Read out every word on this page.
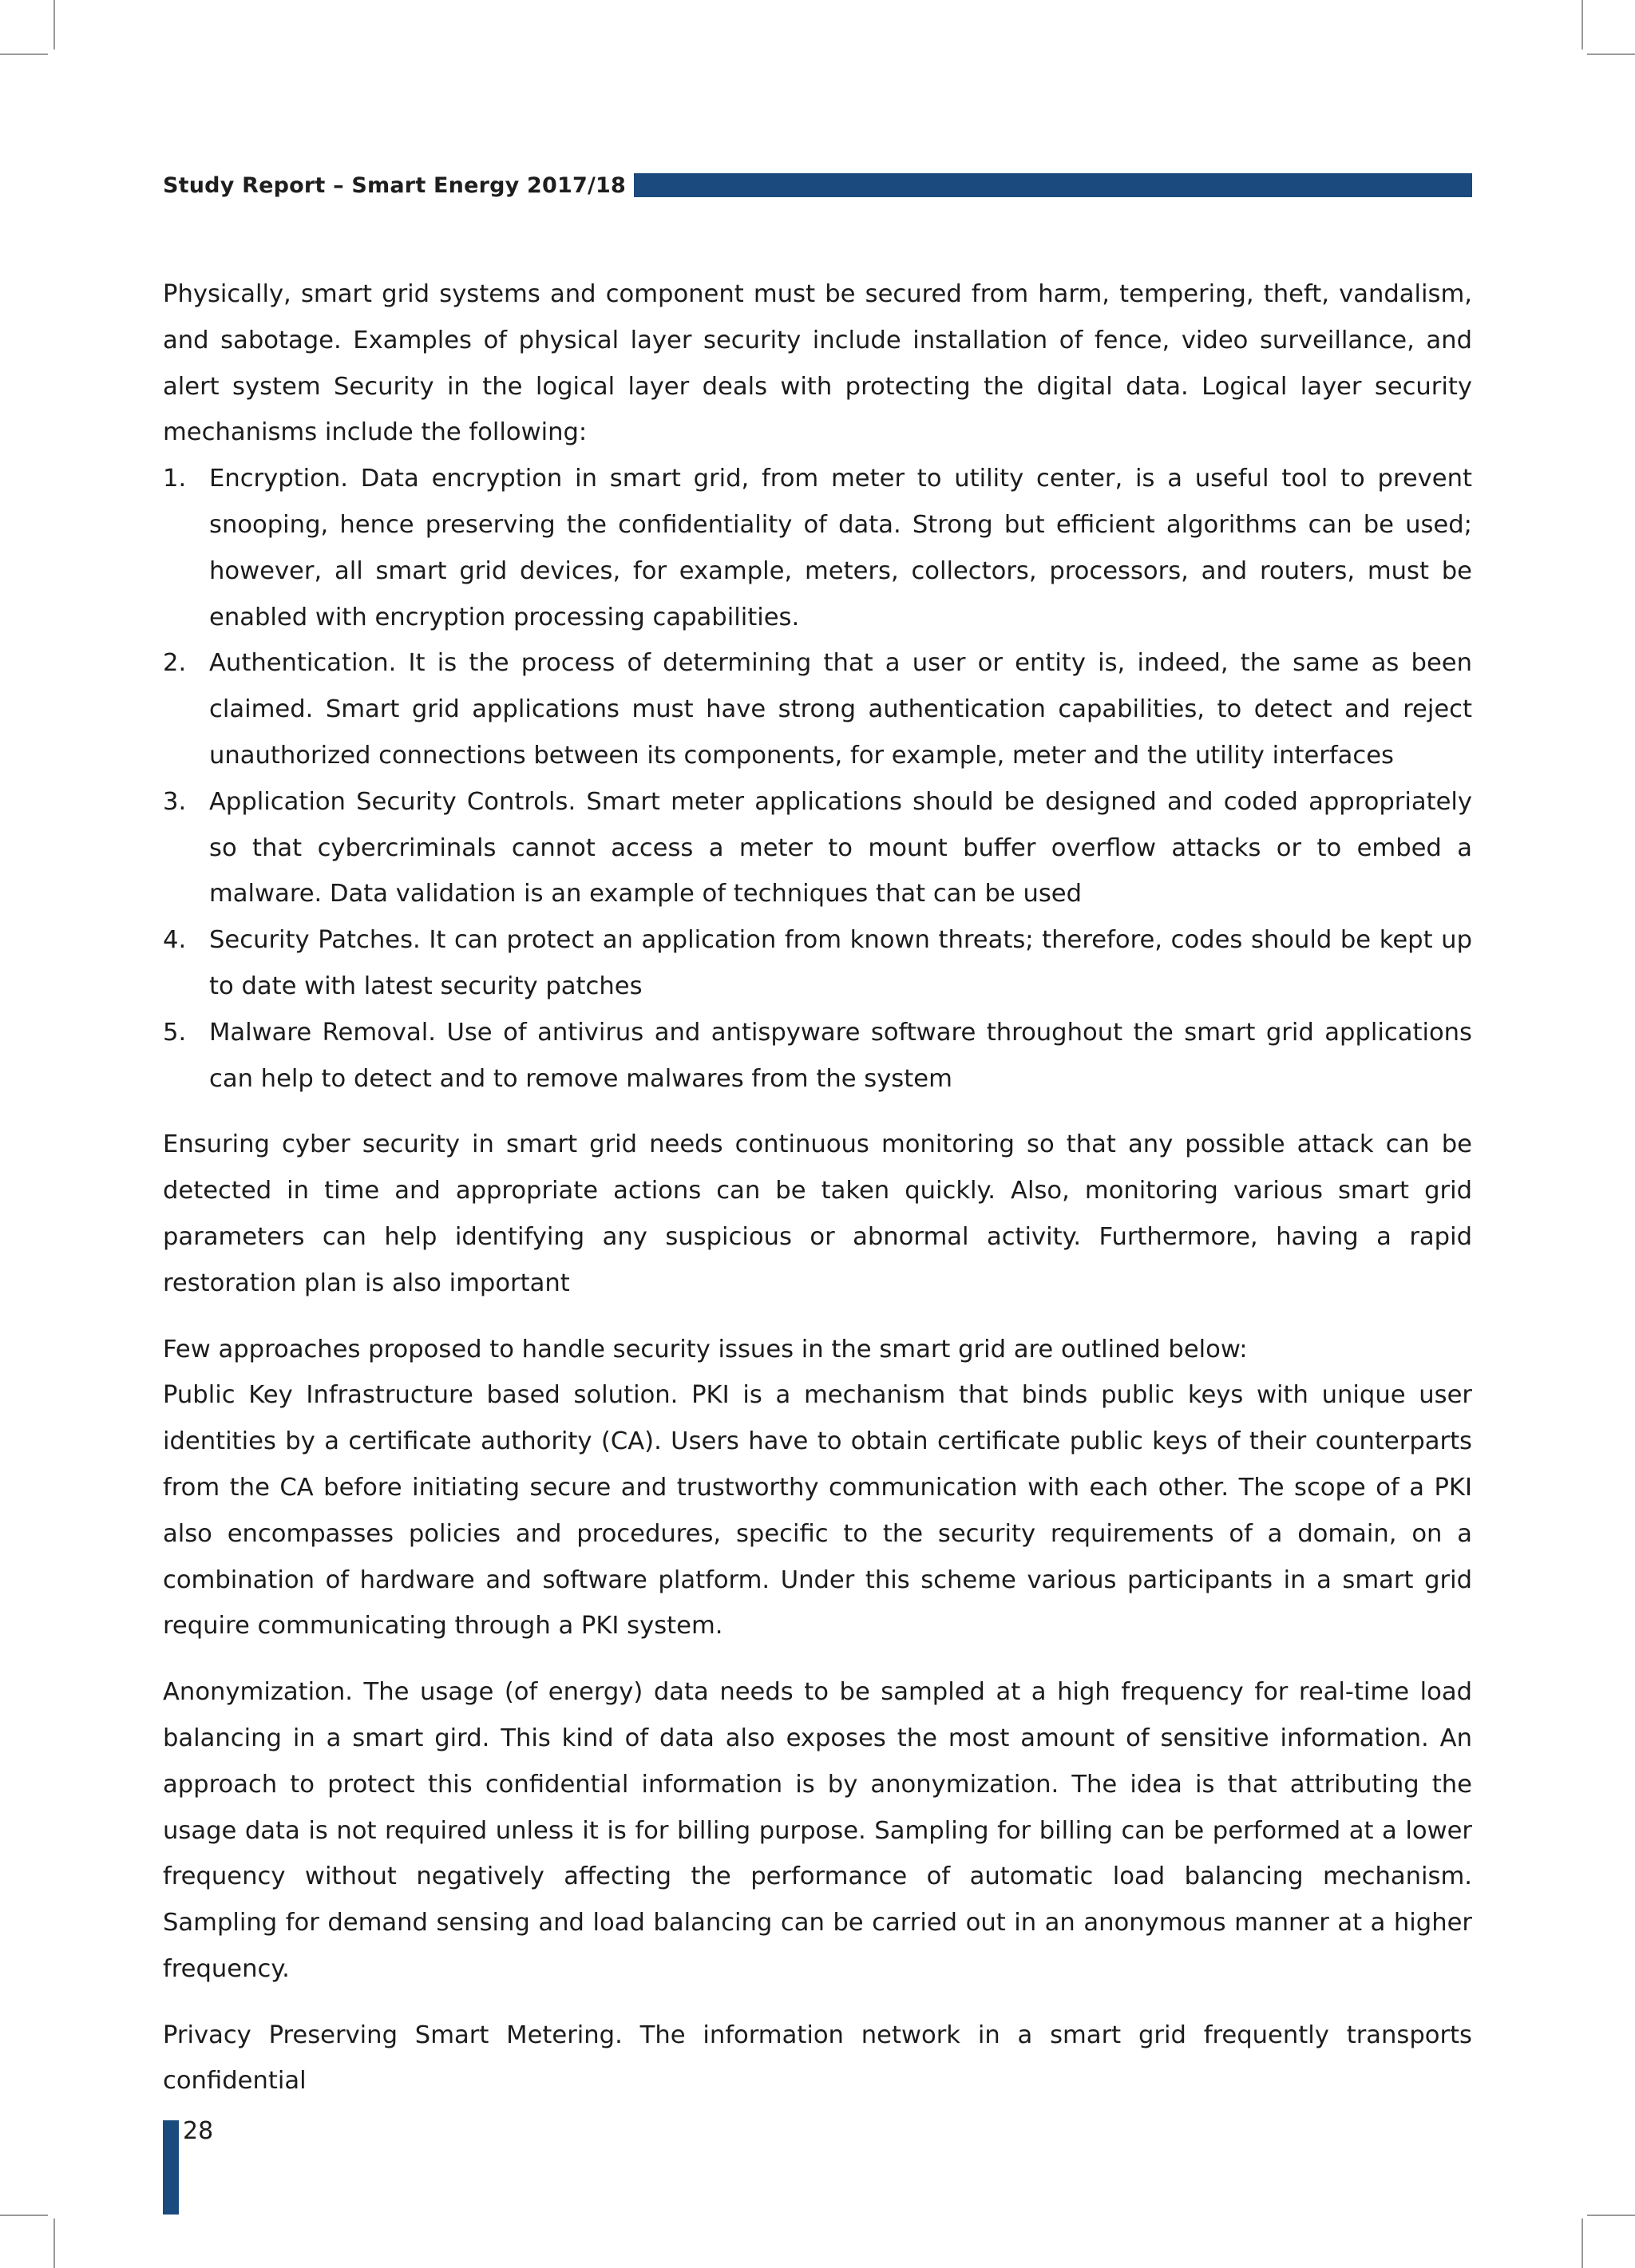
Study Report – Smart Energy 2017/18

Physically, smart grid systems and component must be secured from harm, tempering, theft, vandalism, and sabotage. Examples of physical layer security include installation of fence, video surveillance, and alert system Security in the logical layer deals with protecting the digital data. Logical layer security mechanisms include the following:

1. Encryption. Data encryption in smart grid, from meter to utility center, is a useful tool to prevent snooping, hence preserving the confidentiality of data. Strong but efficient algorithms can be used; however, all smart grid devices, for example, meters, collectors, processors, and routers, must be enabled with encryption processing capabilities.
2. Authentication. It is the process of determining that a user or entity is, indeed, the same as been claimed. Smart grid applications must have strong authentication capabilities, to detect and reject unauthorized connections between its components, for example, meter and the utility interfaces
3. Application Security Controls. Smart meter applications should be designed and coded appropriately so that cybercriminals cannot access a meter to mount buffer overflow attacks or to embed a malware. Data validation is an example of techniques that can be used
4. Security Patches. It can protect an application from known threats; therefore, codes should be kept up to date with latest security patches
5. Malware Removal. Use of antivirus and antispyware software throughout the smart grid applications can help to detect and to remove malwares from the system

Ensuring cyber security in smart grid needs continuous monitoring so that any possible attack can be detected in time and appropriate actions can be taken quickly. Also, monitoring various smart grid parameters can help identifying any suspicious or abnormal activity. Furthermore, having a rapid restoration plan is also important

Few approaches proposed to handle security issues in the smart grid are outlined below:

Public Key Infrastructure based solution. PKI is a mechanism that binds public keys with unique user identities by a certificate authority (CA). Users have to obtain certificate public keys of their counterparts from the CA before initiating secure and trustworthy communication with each other. The scope of a PKI also encompasses policies and procedures, specific to the security requirements of a domain, on a combination of hardware and software platform. Under this scheme various participants in a smart grid require communicating through a PKI system.

Anonymization. The usage (of energy) data needs to be sampled at a high frequency for real-time load balancing in a smart gird. This kind of data also exposes the most amount of sensitive information. An approach to protect this confidential information is by anonymization. The idea is that attributing the usage data is not required unless it is for billing purpose. Sampling for billing can be performed at a lower frequency without negatively affecting the performance of automatic load balancing mechanism. Sampling for demand sensing and load balancing can be carried out in an anonymous manner at a higher frequency.

Privacy Preserving Smart Metering. The information network in a smart grid frequently transports confidential

28
